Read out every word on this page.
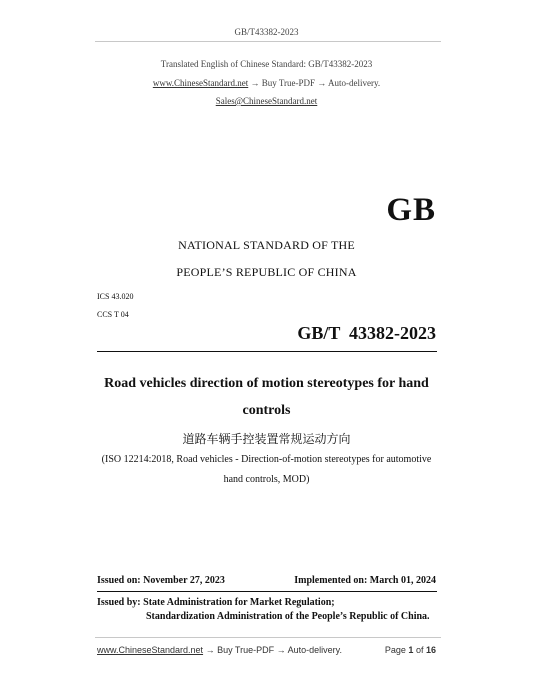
GB/T43382-2023
Translated English of Chinese Standard: GB/T43382-2023
www.ChineseStandard.net → Buy True-PDF → Auto-delivery.
Sales@ChineseStandard.net
GB
NATIONAL STANDARD OF THE
PEOPLE’S REPUBLIC OF CHINA
ICS 43.020
CCS T 04
GB/T  43382-2023
Road vehicles direction of motion stereotypes for hand
controls
道路车辆手控装置常规运动方向
(ISO 12214:2018, Road vehicles - Direction-of-motion stereotypes for automotive
hand controls, MOD)
Issued on: November 27, 2023	Implemented on: March 01, 2024
Issued by: State Administration for Market Regulation;
Standardization Administration of the People’s Republic of China.
www.ChineseStandard.net → Buy True-PDF → Auto-delivery.	Page 1 of 16
